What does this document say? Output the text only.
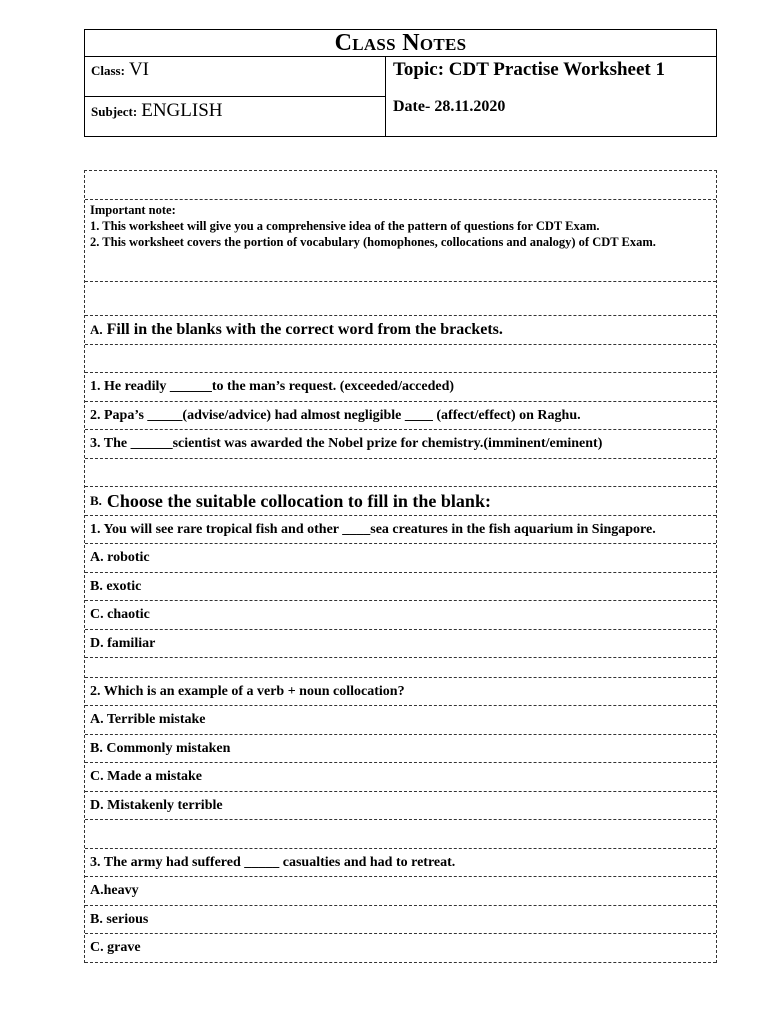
Class Notes
Class: VI
Subject: ENGLISH
Topic: CDT Practise Worksheet 1
Date- 28.11.2020
Important note:
1. This worksheet will give you a comprehensive idea of the pattern of questions for CDT Exam.
2. This worksheet covers the portion of vocabulary (homophones, collocations and analogy) of CDT Exam.
A. Fill in the blanks with the correct word from the brackets.
1. He readily ______to the man’s request. (exceeded/acceded)
2. Papa’s _____(advise/advice) had almost negligible ____ (affect/effect) on Raghu.
3. The ______scientist was awarded the Nobel prize for chemistry.(imminent/eminent)
B. Choose the suitable collocation to fill in the blank:
1. You will see rare tropical fish and other ____sea creatures in the fish aquarium in Singapore.
A. robotic
B. exotic
C. chaotic
D. familiar
2. Which is an example of a verb + noun collocation?
A. Terrible mistake
B. Commonly mistaken
C. Made a mistake
D. Mistakenly terrible
3. The army had suffered _____ casualties and had to retreat.
A.heavy
B. serious
C. grave
